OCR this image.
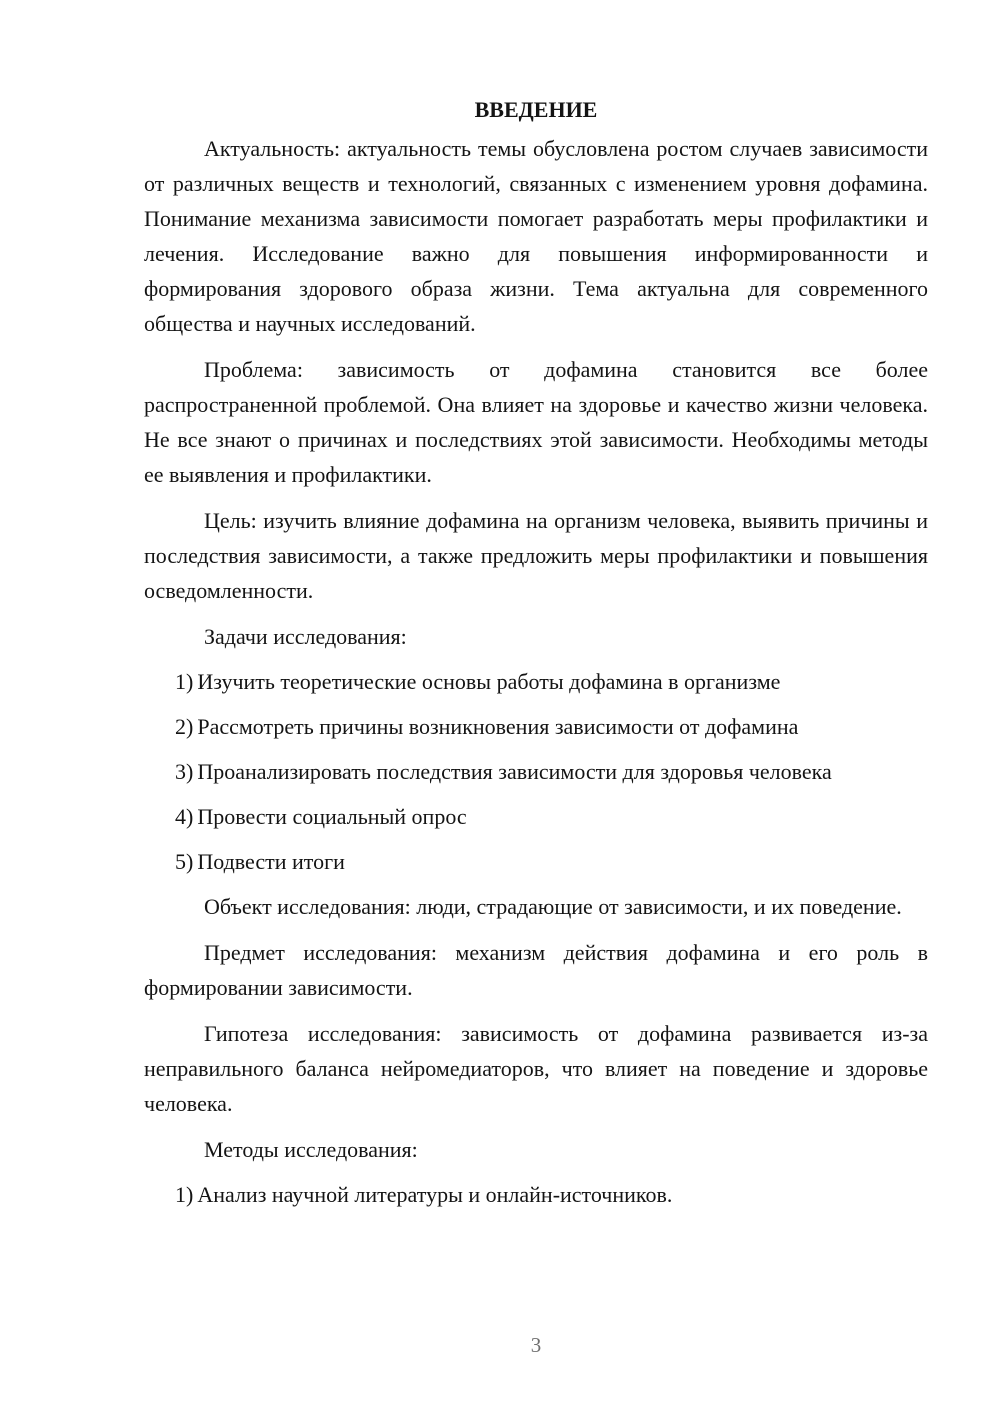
ВВЕДЕНИЕ

Актуальность: актуальность темы обусловлена ростом случаев зависимости от различных веществ и технологий, связанных с изменением уровня дофамина. Понимание механизма зависимости помогает разработать меры профилактики и лечения. Исследование важно для повышения информированности и формирования здорового образа жизни. Тема актуальна для современного общества и научных исследований.

Проблема: зависимость от дофамина становится все более распространенной проблемой. Она влияет на здоровье и качество жизни человека. Не все знают о причинах и последствиях этой зависимости. Необходимы методы ее выявления и профилактики.

Цель: изучить влияние дофамина на организм человека, выявить причины и последствия зависимости, а также предложить меры профилактики и повышения осведомленности.

Задачи исследования:

1) Изучить теоретические основы работы дофамина в организме
2) Рассмотреть причины возникновения зависимости от дофамина
3) Проанализировать последствия зависимости для здоровья человека
4) Провести социальный опрос
5) Подвести итоги

Объект исследования: люди, страдающие от зависимости, и их поведение.

Предмет исследования: механизм действия дофамина и его роль в формировании зависимости.

Гипотеза исследования: зависимость от дофамина развивается из-за неправильного баланса нейромедиаторов, что влияет на поведение и здоровье человека.

Методы исследования:

1) Анализ научной литературы и онлайн-источников.
3
